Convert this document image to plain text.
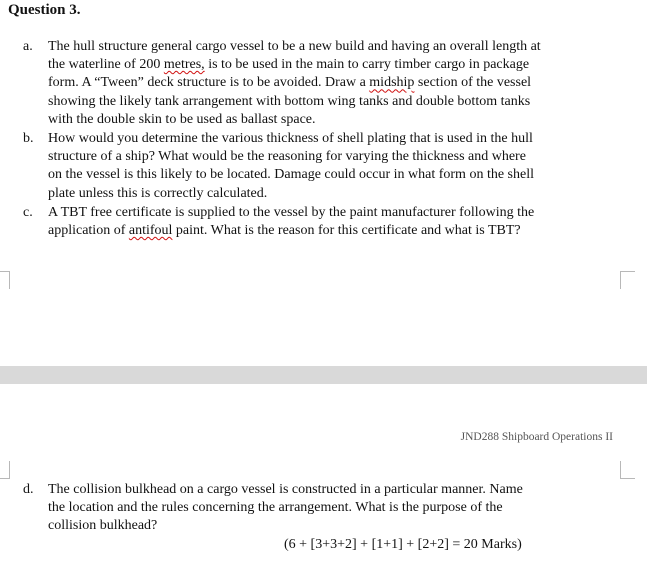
Question 3.
a.	The hull structure general cargo vessel to be a new build and having an overall length at
the waterline of 200 metres, is to be used in the main to carry timber cargo in package
form. A “Tween” deck structure is to be avoided. Draw a midship section of the vessel
showing the likely tank arrangement with bottom wing tanks and double bottom tanks
with the double skin to be used as ballast space.
b.	How would you determine the various thickness of shell plating that is used in the hull
structure of a ship? What would be the reasoning for varying the thickness and where
on the vessel is this likely to be located. Damage could occur in what form on the shell
plate unless this is correctly calculated.
c.	A TBT free certificate is supplied to the vessel by the paint manufacturer following the
application of antifoul paint. What is the reason for this certificate and what is TBT?
JND288 Shipboard Operations II
d.	The collision bulkhead on a cargo vessel is constructed in a particular manner. Name
the location and the rules concerning the arrangement. What is the purpose of the
collision bulkhead?
(6 + [3+3+2] + [1+1] + [2+2] = 20 Marks)
